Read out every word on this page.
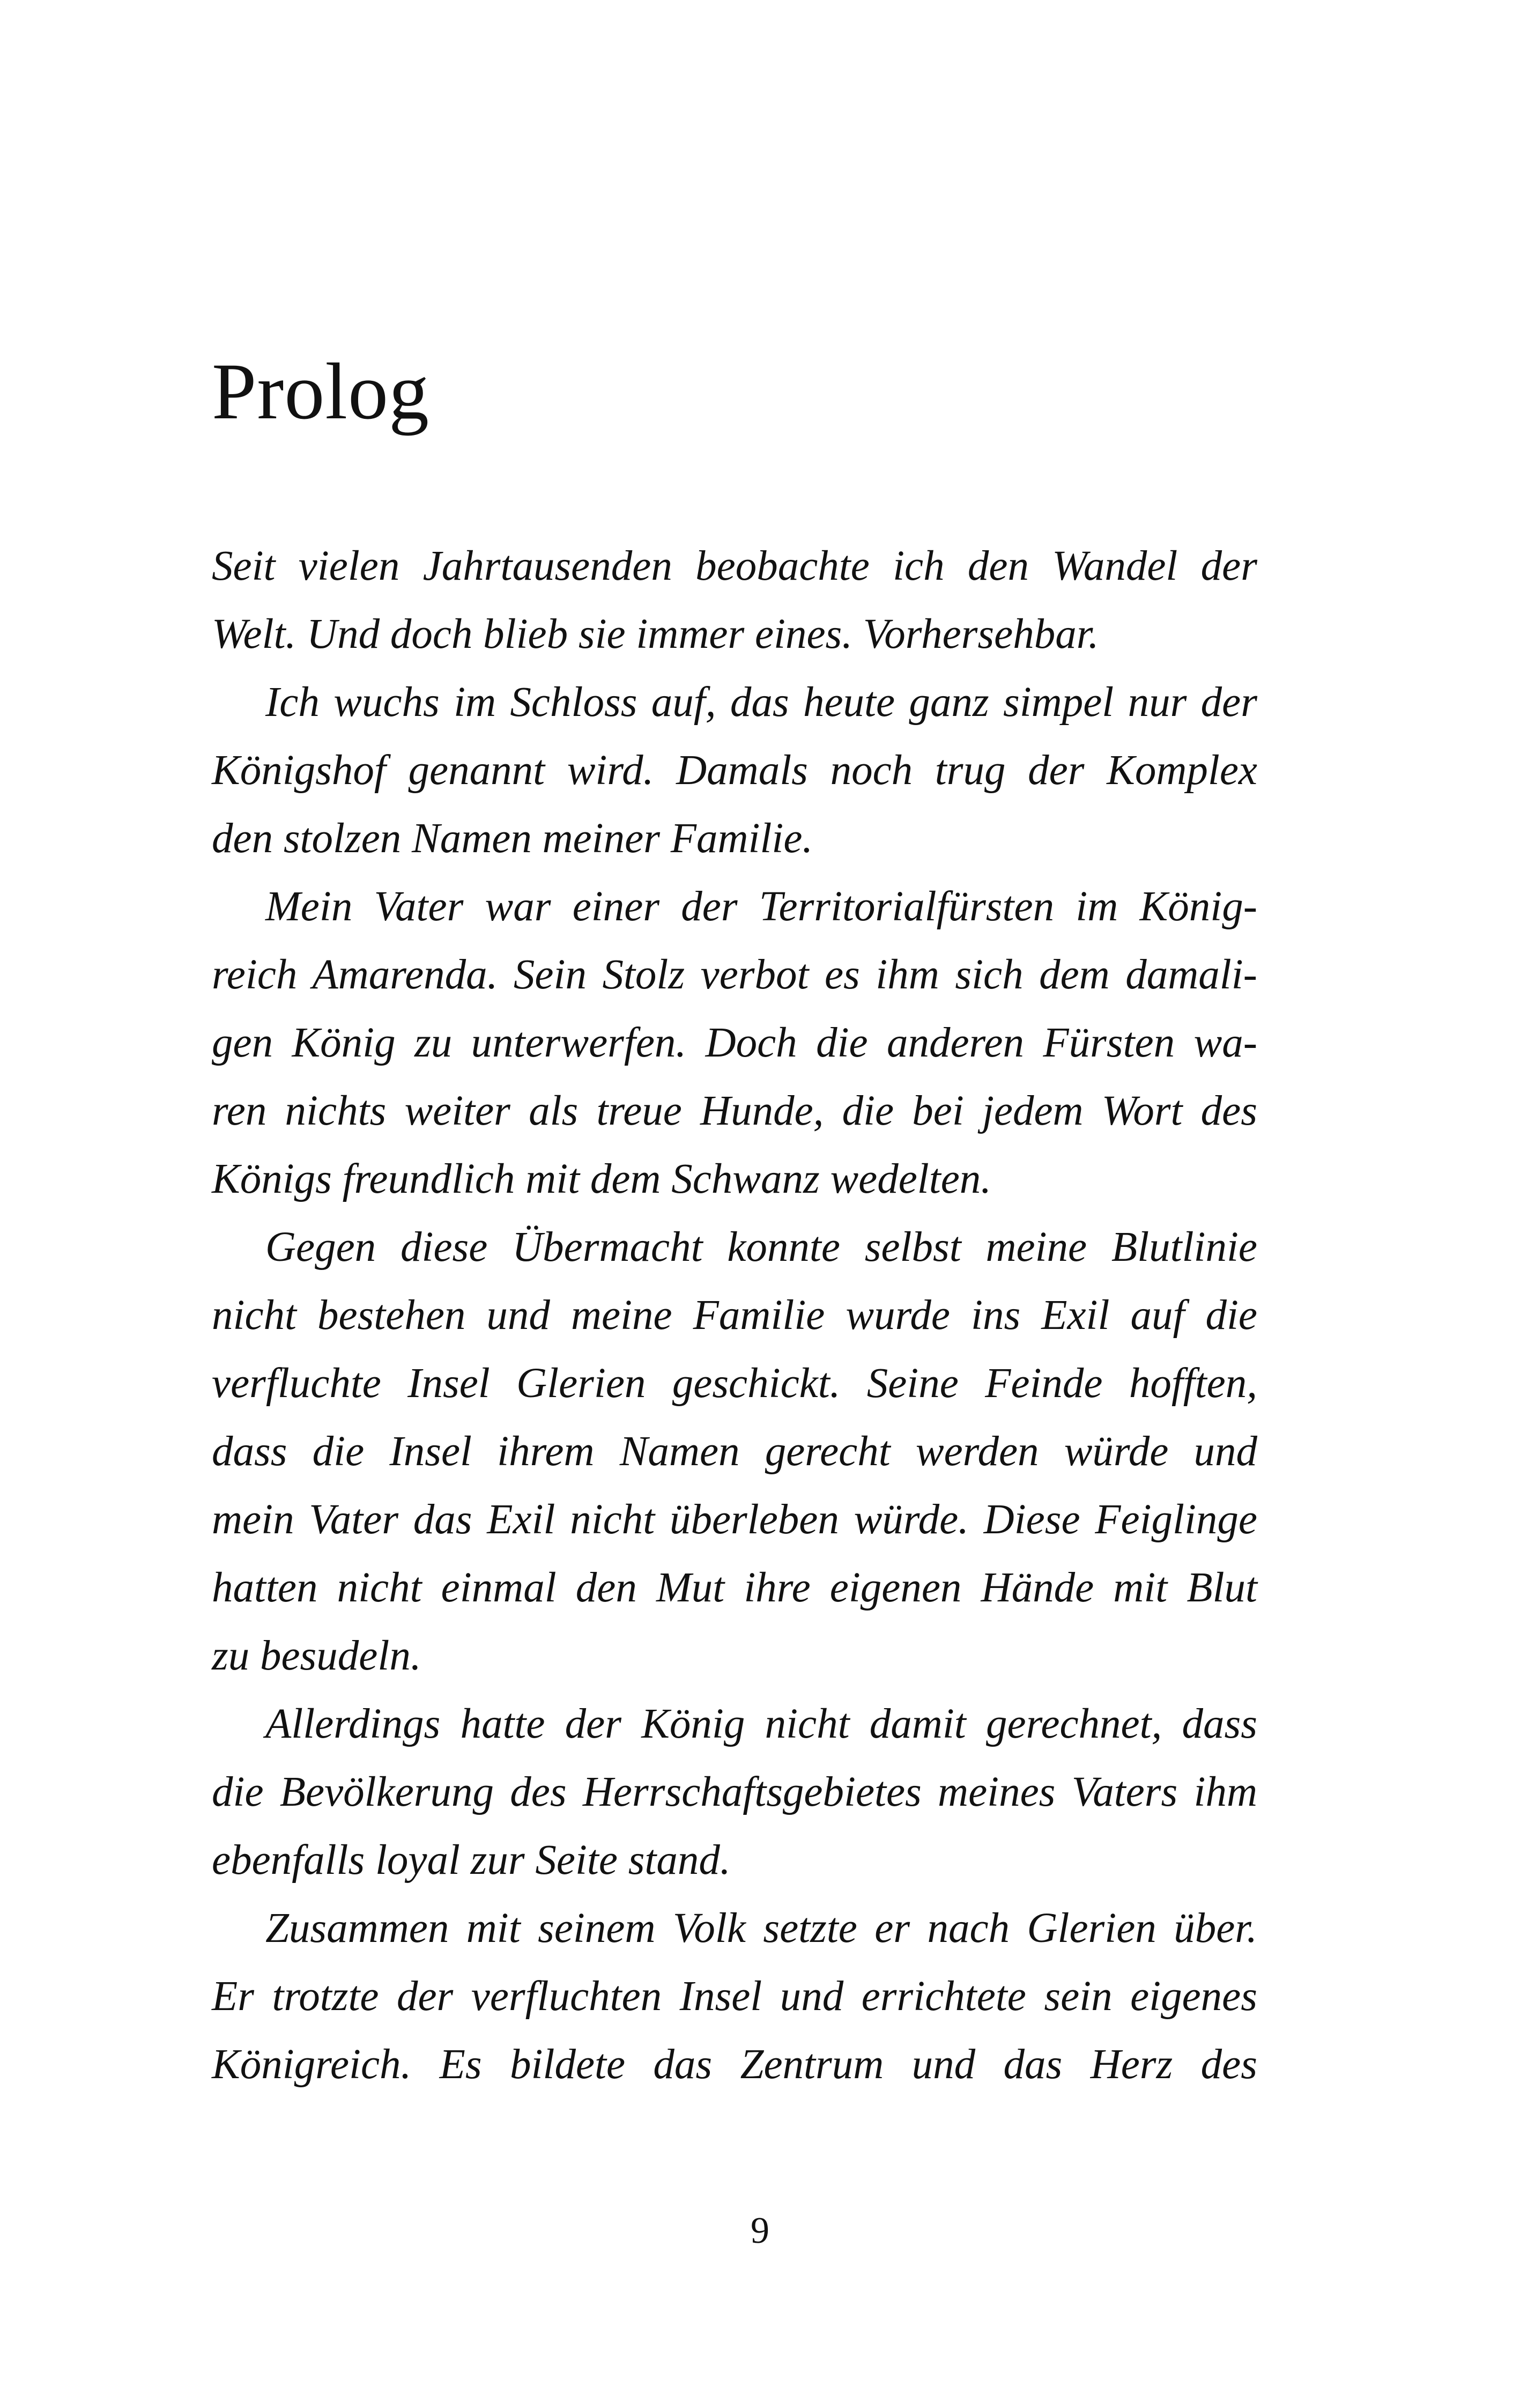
Prolog
Seit vielen Jahrtausenden beobachte ich den Wandel der
Welt. Und doch blieb sie immer eines. Vorhersehbar.
Ich wuchs im Schloss auf, das heute ganz simpel nur der
Königshof genannt wird. Damals noch trug der Komplex
den stolzen Namen meiner Familie.
Mein Vater war einer der Territorialfürsten im König-
reich Amarenda. Sein Stolz verbot es ihm sich dem damali-
gen König zu unterwerfen. Doch die anderen Fürsten wa-
ren nichts weiter als treue Hunde, die bei jedem Wort des
Königs freundlich mit dem Schwanz wedelten.
Gegen diese Übermacht konnte selbst meine Blutlinie
nicht bestehen und meine Familie wurde ins Exil auf die
verfluchte Insel Glerien geschickt. Seine Feinde hofften,
dass die Insel ihrem Namen gerecht werden würde und
mein Vater das Exil nicht überleben würde. Diese Feiglinge
hatten nicht einmal den Mut ihre eigenen Hände mit Blut
zu besudeln.
Allerdings hatte der König nicht damit gerechnet, dass
die Bevölkerung des Herrschaftsgebietes meines Vaters ihm
ebenfalls loyal zur Seite stand.
Zusammen mit seinem Volk setzte er nach Glerien über.
Er trotzte der verfluchten Insel und errichtete sein eigenes
Königreich. Es bildete das Zentrum und das Herz des
9
